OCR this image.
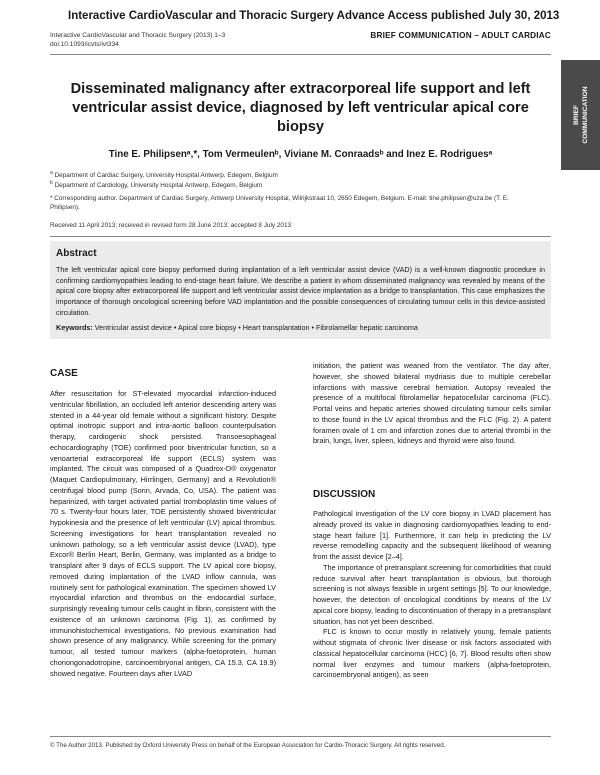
Interactive CardioVascular and Thoracic Surgery Advance Access published July 30, 2013
Interactive CardioVascular and Thoracic Surgery (2013) 1–3
doi:10.1093/icvts/ivt334
BRIEF COMMUNICATION – ADULT CARDIAC
BRIEF COMMUNICATION
Disseminated malignancy after extracorporeal life support and left ventricular assist device, diagnosed by left ventricular apical core biopsy
Tine E. Philipsenᵃ,*, Tom Vermeulenᵇ, Viviane M. Conraadsᵇ and Inez E. Rodriguesᵃ
$^a$ Department of Cardiac Surgery, University Hospital Antwerp, Edegem, Belgium
$^b$ Department of Cardiology, University Hospital Antwerp, Edegem, Belgium
* Corresponding author. Department of Cardiac Surgery, Antwerp University Hospital, Wilrijkstraat 10, 2650 Edegem, Belgium. E-mail: tine.philipsen@uza.be (T. E. Philipsen).
Received 11 April 2013; received in revised form 28 June 2013; accepted 8 July 2013
Abstract
The left ventricular apical core biopsy performed during implantation of a left ventricular assist device (VAD) is a well-known diagnostic procedure in confirming cardiomyopathies leading to end-stage heart failure. We describe a patient in whom disseminated malignancy was revealed by means of the apical core biopsy after extracorporeal life support and left ventricular assist device implantation as a bridge to transplantation. This case emphasizes the importance of thorough oncological screening before VAD implantation and the possible consequences of circulating tumour cells in this device-assisted circulation.
Keywords: Ventricular assist device • Apical core biopsy • Heart transplantation • Fibrolamellar hepatic carcinoma
CASE

After resuscitation for ST-elevated myocardial infarction-induced ventricular fibrillation, an occluded left anterior descending artery was stented in a 44-year old female without a significant history. Despite optimal inotropic support and intra-aortic balloon counterpulsation therapy, cardiogenic shock persisted. Transoesophageal echocardiography (TOE) confirmed poor biventricular function, so a venoarterial extracorporeal life support (ECLS) system was implanted. The circuit was composed of a Quadrox-D® oxygenator (Maquet Cardiopulmonary, Hirrlingen, Germany) and a Revolution® centrifugal blood pump (Sorin, Arvada, Co, USA). The patient was heparinized, with target activated partial tromboplastin time values of 70 s. Twenty-four hours later, TOE persistently showed biventricular hypokinesia and the presence of left ventricular (LV) apical thrombus. Screening investigations for heart transplantation revealed no unknown pathology, so a left ventricular assist device (LVAD), type Excor® Berlin Heart, Berlin, Germany, was implanted as a bridge to transplant after 9 days of ECLS support. The LV apical core biopsy, removed during implantation of the LVAD inflow cannula, was routinely sent for pathological examination. The specimen showed LV myocardial infarction and thrombus on the endocardial surface, surprisingly revealing tumour cells caught in fibrin, consistent with the existence of an unknown carcinoma (Fig. 1), as confirmed by immunohistochemical investigations. No previous examination had shown presence of any malignancy. While screening for the primary tumour, all tested tumour markers (alpha-foetoprotein, human choriongonadotropine, carcinoembryonal antigen, CA 15.3, CA 19.9) showed negative. Fourteen days after LVAD

initiation, the patient was weaned from the ventilator. The day after, however, she showed bilateral mydriasis due to multiple cerebellar infarctions with massive cerebral herniation. Autopsy revealed the presence of a multifocal fibrolamellar hepatocellular carcinoma (FLC). Portal veins and hepatic arteries showed circulating tumour cells similar to those found in the LV apical thrombus and the FLC (Fig. 2). A patent foramen ovale of 1 cm and infarction zones due to arterial thrombi in the brain, lungs, liver, spleen, kidneys and thyroid were also found.

DISCUSSION

Pathological investigation of the LV core biopsy in LVAD placement has already proved its value in diagnosing cardiomyopathies leading to end-stage heart failure [1]. Furthermore, it can help in predicting the LV reverse remodelling capacity and the subsequent likelihood of weaning from the assist device [2–4].

The importance of pretransplant screening for comorbidities that could reduce survival after heart transplantation is obvious, but thorough screening is not always feasible in urgent settings [5]. To our knowledge, however, the detection of oncological conditions by means of the LV apical core biopsy, leading to discontinuation of therapy in a pretransplant situation, has not yet been described.

FLC is known to occur mostly in relatively young, female patients without stigmata of chronic liver disease or risk factors associated with classical hepatocellular carcinoma (HCC) [6, 7]. Blood results often show normal liver enzymes and tumour markers (alpha-foetoprotein, carcinoembryonal antigen), as seen

© The Author 2013. Published by Oxford University Press on behalf of the European Association for Cardio-Thoracic Surgery. All rights reserved.
